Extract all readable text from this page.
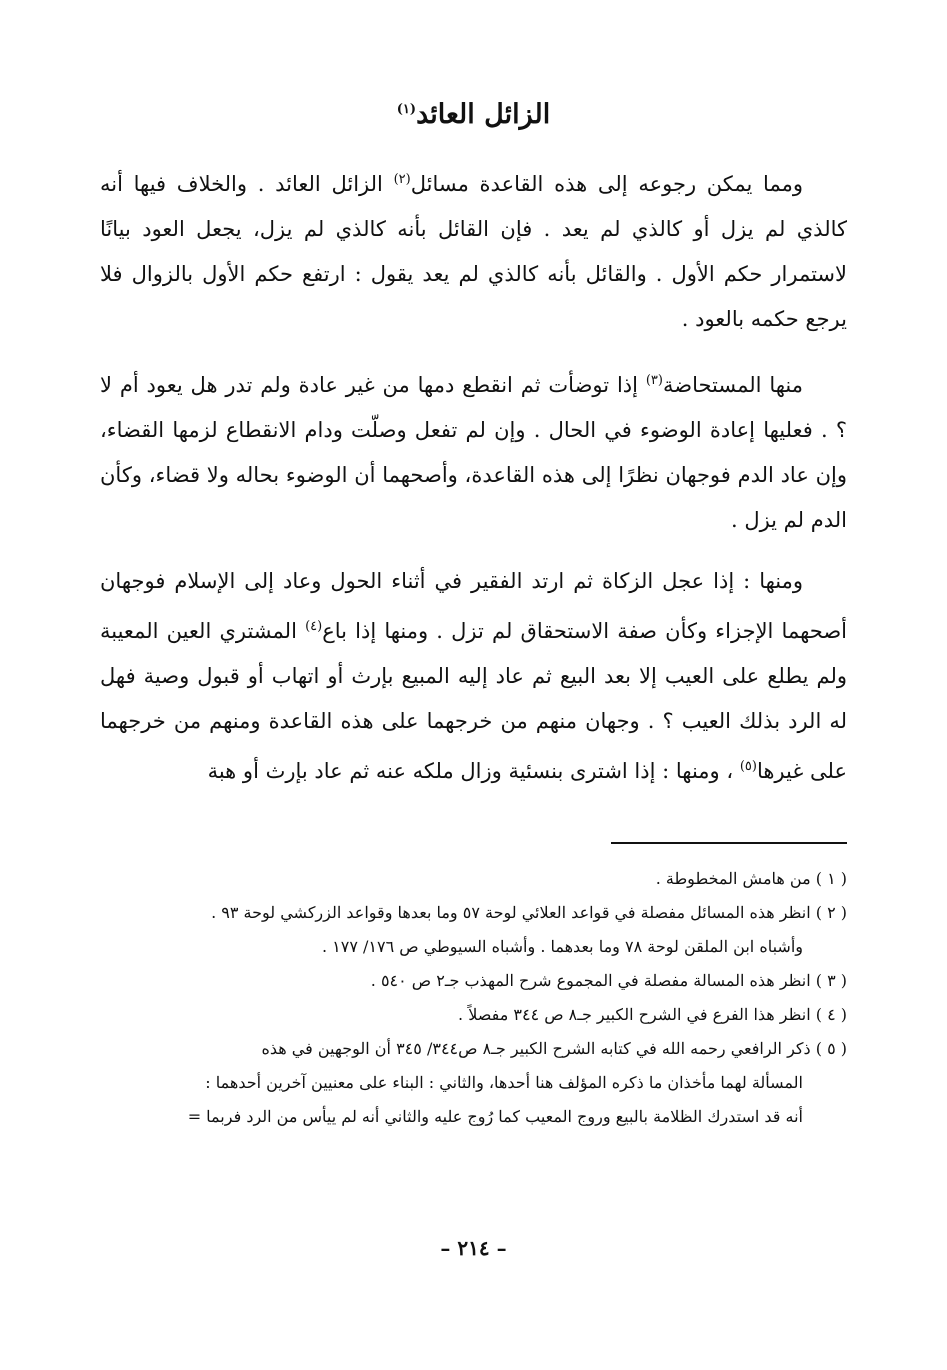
الزائل العائد$^{(١)}$

ومما يمكن رجوعه إلى هذه القاعدة مسائل$^{(٢)}$ الزائل العائد . والخلاف فيها أنه كالذي لم يزل أو كالذي لم يعد . فإن القائل بأنه كالذي لم يزل، يجعل العود بيانًا لاستمرار حكم الأول . والقائل بأنه كالذي لم يعد يقول : ارتفع حكم الأول بالزوال فلا يرجع حكمه بالعود .

منها المستحاضة$^{(٣)}$ إذا توضأت ثم انقطع دمها من غير عادة ولم تدر هل يعود أم لا ؟ . فعليها إعادة الوضوء في الحال . وإن لم تفعل وصلّت ودام الانقطاع لزمها القضاء، وإن عاد الدم فوجهان نظرًا إلى هذه القاعدة، وأصحهما أن الوضوء بحاله ولا قضاء، وكأن الدم لم يزل .

ومنها : إذا عجل الزكاة ثم ارتد الفقير في أثناء الحول وعاد إلى الإسلام فوجهان أصحهما الإجزاء وكأن صفة الاستحقاق لم تزل . ومنها إذا باع$^{(٤)}$ المشتري العين المعيبة ولم يطلع على العيب إلا بعد البيع ثم عاد إليه المبيع بإرث أو اتهاب أو قبول وصية فهل له الرد بذلك العيب ؟ . وجهان منهم من خرجهما على هذه القاعدة ومنهم من خرجهما على غيرها$^{(٥)}$ ، ومنها : إذا اشترى بنسئية وزال ملكه عنه ثم عاد بإرث أو هبة

( ١ ) من هامش المخطوطة .

( ٢ ) انظر هذه المسائل مفصلة في قواعد العلائي لوحة ٥٧ وما بعدها وقواعد الزركشي لوحة ٩٣ .

وأشباه ابن الملقن لوحة ٧٨ وما بعدهما . وأشباه السيوطي ص ١٧٦/ ١٧٧ .

( ٣ ) انظر هذه المسالة مفصلة في المجموع شرح المهذب جـ٢ ص ٥٤٠ .

( ٤ ) انظر هذا الفرع في الشرح الكبير جـ٨ ص ٣٤٤ مفصلاً .

( ٥ ) ذكر الرافعي رحمه الله في كتابه الشرح الكبير جـ٨ ص٣٤٤/ ٣٤٥ أن الوجهين في هذه

المسألة لهما مأخذان ما ذكره المؤلف هنا أحدها، والثاني : البناء على معنيين آخرين أحدهما :

أنه قد استدرك الظلامة بالبيع وروج المعيب كما رُوج عليه والثاني أنه لم ييأس من الرد فربما =

– ٢١٤ –
